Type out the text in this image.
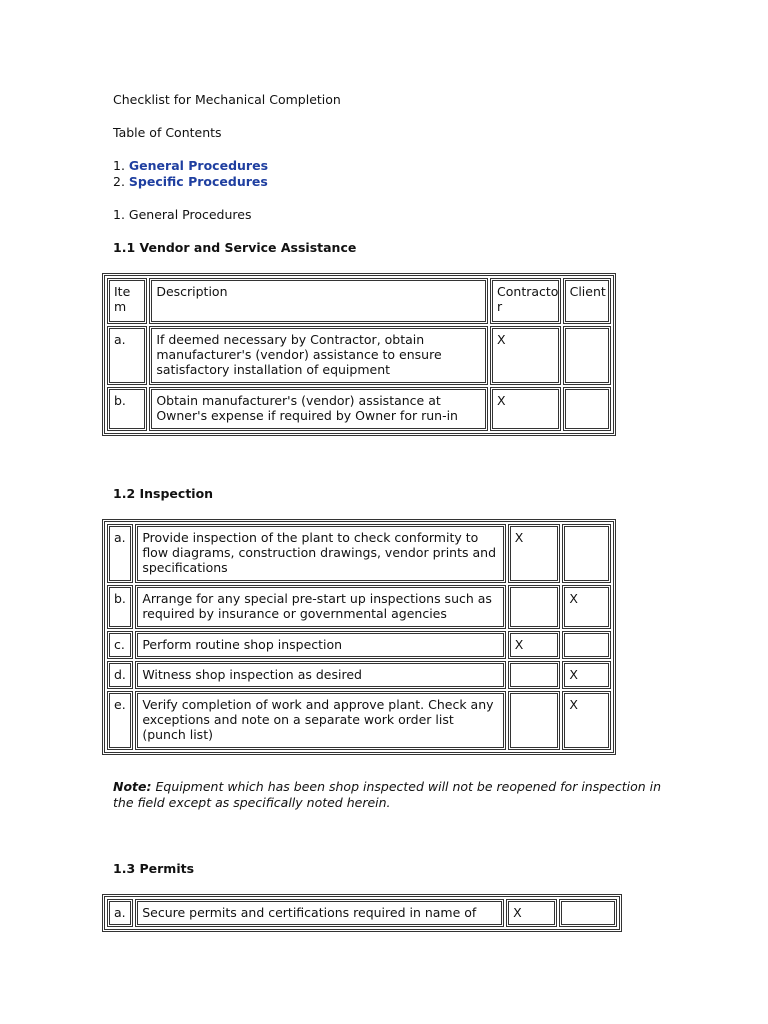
Checklist for Mechanical Completion

Table of Contents

1. General Procedures
2. Specific Procedures

1. General Procedures

1.1 Vendor and Service Assistance

Ite m	Description	Contracto r	Client
a.	If deemed necessary by Contractor, obtain manufacturer's (vendor) assistance to ensure satisfactory installation of equipment	X	
b.	Obtain manufacturer's (vendor) assistance at Owner's expense if required by Owner for run-in	X	

1.2 Inspection

a.	Provide inspection of the plant to check conformity to flow diagrams, construction drawings, vendor prints and specifications	X	
b.	Arrange for any special pre-start up inspections such as required by insurance or governmental agencies		X
c.	Perform routine shop inspection	X	
d.	Witness shop inspection as desired		X
e.	Verify completion of work and approve plant. Check any exceptions and note on a separate work order list (punch list)		X

Note: Equipment which has been shop inspected will not be reopened for inspection in the field except as specifically noted herein.

1.3 Permits

a.	Secure permits and certifications required in name of	X	
